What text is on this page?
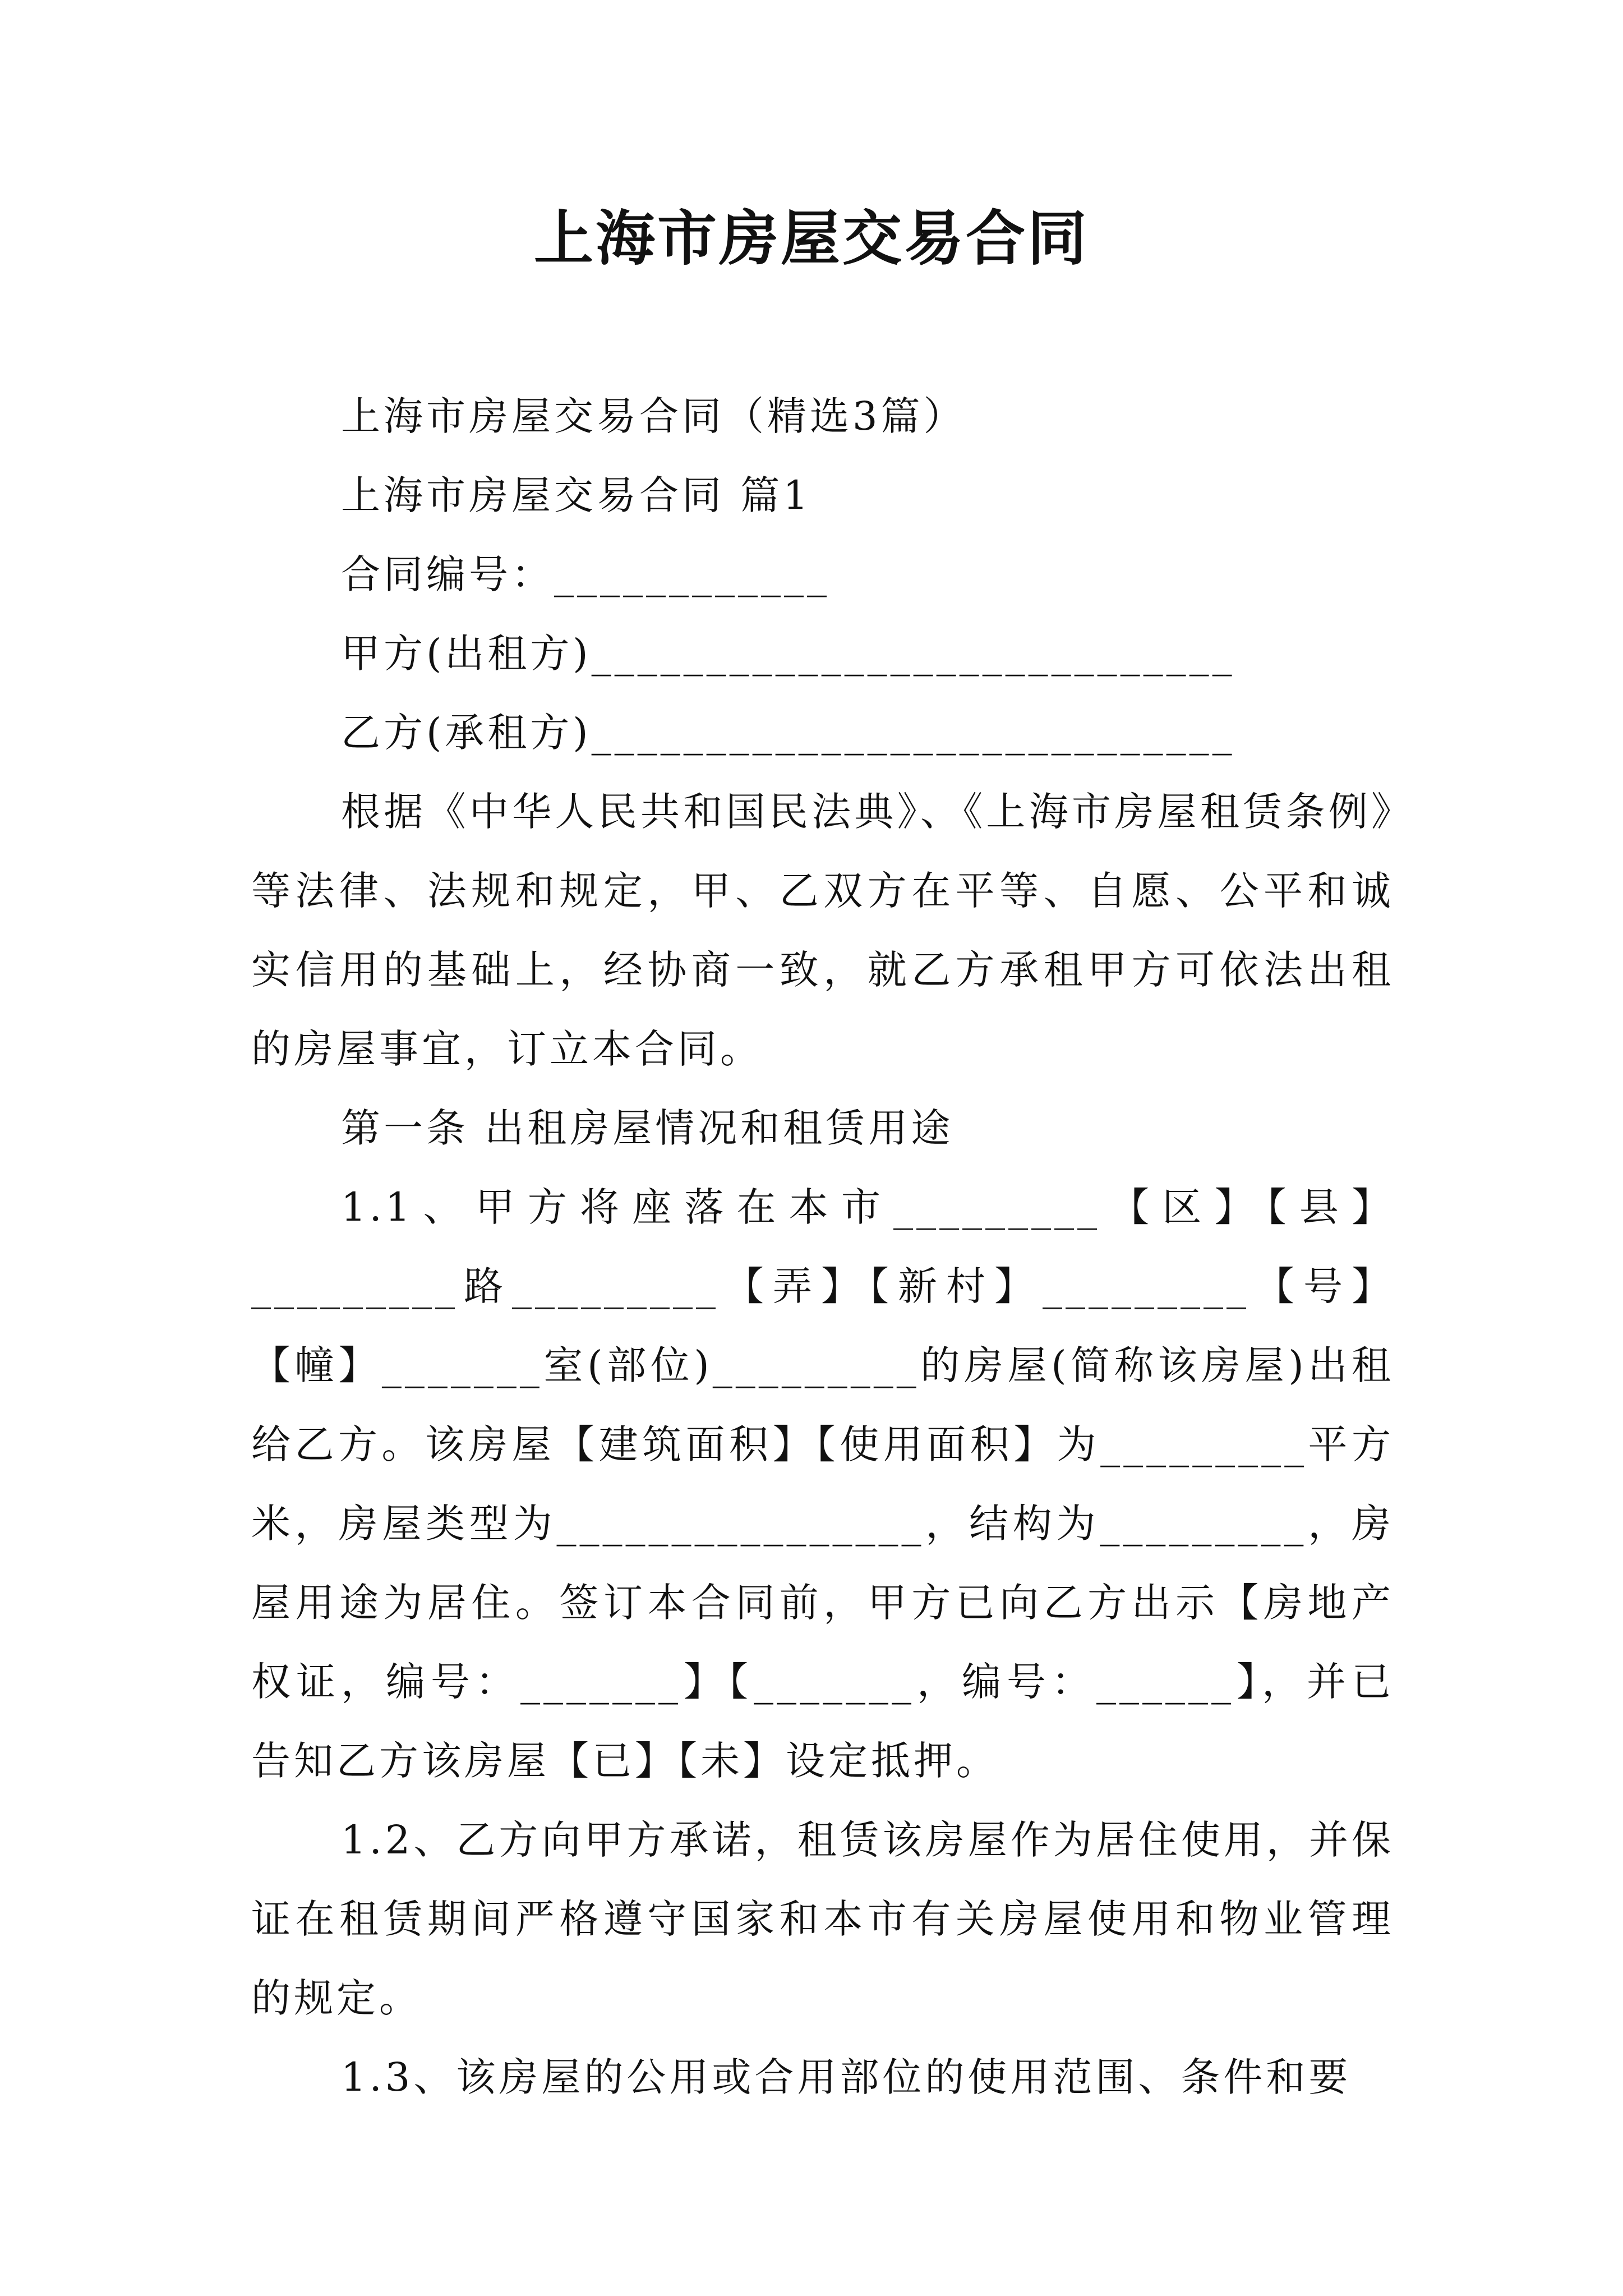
上海市房屋交易合同

上海市房屋交易合同（精选3篇）

上海市房屋交易合同 篇1

合同编号：____________

甲方(出租方)____________________________

乙方(承租方)____________________________

根据《中华人民共和国民法典》、《上海市房屋租赁条例》等法律、法规和规定，甲、乙双方在平等、自愿、公平和诚实信用的基础上，经协商一致，就乙方承租甲方可依法出租的房屋事宜，订立本合同。

第一条 出租房屋情况和租赁用途

1.1、甲方将座落在本市_________【区】【县】_________路_________【弄】【新村】_________【号】【幢】_______室(部位)_________的房屋(简称该房屋)出租给乙方。该房屋【建筑面积】【使用面积】为_________平方米，房屋类型为________________，结构为_________，房屋用途为居住。签订本合同前，甲方已向乙方出示【房地产权证，编号：_______】【_______，编号：______】，并已告知乙方该房屋【已】【未】设定抵押。

1.2、乙方向甲方承诺，租赁该房屋作为居住使用，并保证在租赁期间严格遵守国家和本市有关房屋使用和物业管理的规定。

1.3、该房屋的公用或合用部位的使用范围、条件和要
